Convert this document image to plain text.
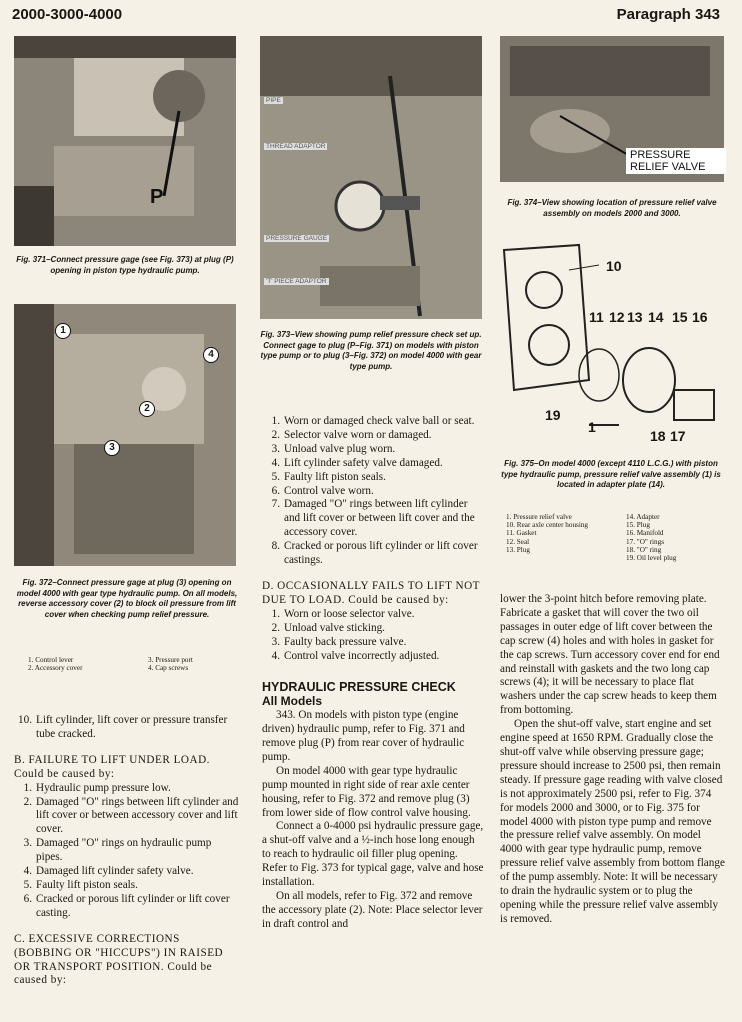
2000-3000-4000	Paragraph 343
P
Fig. 371–Connect pressure gage (see Fig. 373) at plug (P) opening in piston type hydraulic pump.
PIPE
THREAD ADAPTOR
PRESSURE GAUGE
'T' PIECE ADAPTOR
Fig. 373–View showing pump relief pressure check set up. Connect gage to plug (P–Fig. 371) on models with piston type pump or to plug (3–Fig. 372) on model 4000 with gear type pump.
PRESSURE RELIEF VALVE
Fig. 374–View showing location of pressure relief valve assembly on models 2000 and 3000.
1
2
3
4
Fig. 372–Connect pressure gage at plug (3) opening on model 4000 with gear type hydraulic pump. On all models, reverse accessory cover (2) to block oil pressure from lift cover when checking pump relief pressure.
1. Control lever	3. Pressure port
2. Accessory cover	4. Cap screws
10
11 12 13 14 15 16
19
1
18 17
Fig. 375–On model 4000 (except 4110 L.C.G.) with piston type hydraulic pump, pressure relief valve assembly (1) is located in adapter plate (14).
1. Pressure relief valve	14. Adapter
10. Rear axle center housing	15. Plug
11. Gasket	16. Manifold
12. Seal	17. "O" rings
13. Plug	18. "O" ring
19. Oil level plug
10. Lift cylinder, lift cover or pressure transfer tube cracked.

B. FAILURE TO LIFT UNDER LOAD. Could be caused by:

1. Hydraulic pump pressure low.
2. Damaged "O" rings between lift cylinder and lift cover or between accessory cover and lift cover.
3. Damaged "O" rings on hydraulic pump pipes.
4. Damaged lift cylinder safety valve.
5. Faulty lift piston seals.
6. Cracked or porous lift cylinder or lift cover casting.

C. EXCESSIVE CORRECTIONS (BOBBING OR "HICCUPS") IN RAISED OR TRANSPORT POSITION. Could be caused by:

1. Worn or damaged check valve ball or seat.
2. Selector valve worn or damaged.
3. Unload valve plug worn.
4. Lift cylinder safety valve damaged.
5. Faulty lift piston seals.
6. Control valve worn.
7. Damaged "O" rings between lift cylinder and lift cover or between lift cover and the accessory cover.
8. Cracked or porous lift cylinder or lift cover castings.

D. OCCASIONALLY FAILS TO LIFT NOT DUE TO LOAD. Could be caused by:

1. Worn or loose selector valve.
2. Unload valve sticking.
3. Faulty back pressure valve.
4. Control valve incorrectly adjusted.

HYDRAULIC PRESSURE CHECK

All Models

343. On models with piston type (engine driven) hydraulic pump, refer to Fig. 371 and remove plug (P) from rear cover of hydraulic pump.

On model 4000 with gear type hydraulic pump mounted in right side of rear axle center housing, refer to Fig. 372 and remove plug (3) from lower side of flow control valve housing.

Connect a 0-4000 psi hydraulic pressure gage, a shut-off valve and a ½-inch hose long enough to reach to hydraulic oil filler plug opening. Refer to Fig. 373 for typical gage, valve and hose installation.

On all models, refer to Fig. 372 and remove the accessory plate (2). Note: Place selector lever in draft control and

lower the 3-point hitch before removing plate. Fabricate a gasket that will cover the two oil passages in outer edge of lift cover between the cap screw (4) holes and with holes in gasket for the cap screws. Turn accessory cover end for end and reinstall with gaskets and the two long cap screws (4); it will be necessary to place flat washers under the cap screw heads to keep them from bottoming.

Open the shut-off valve, start engine and set engine speed at 1650 RPM. Gradually close the shut-off valve while observing pressure gage; pressure should increase to 2500 psi, then remain steady. If pressure gage reading with valve closed is not approximately 2500 psi, refer to Fig. 374 for models 2000 and 3000, or to Fig. 375 for model 4000 with piston type pump and remove the pressure relief valve assembly. On model 4000 with gear type hydraulic pump, remove pressure relief valve assembly from bottom flange of the pump assembly. Note: It will be necessary to drain the hydraulic system or to plug the opening while the pressure relief valve assembly is removed.
